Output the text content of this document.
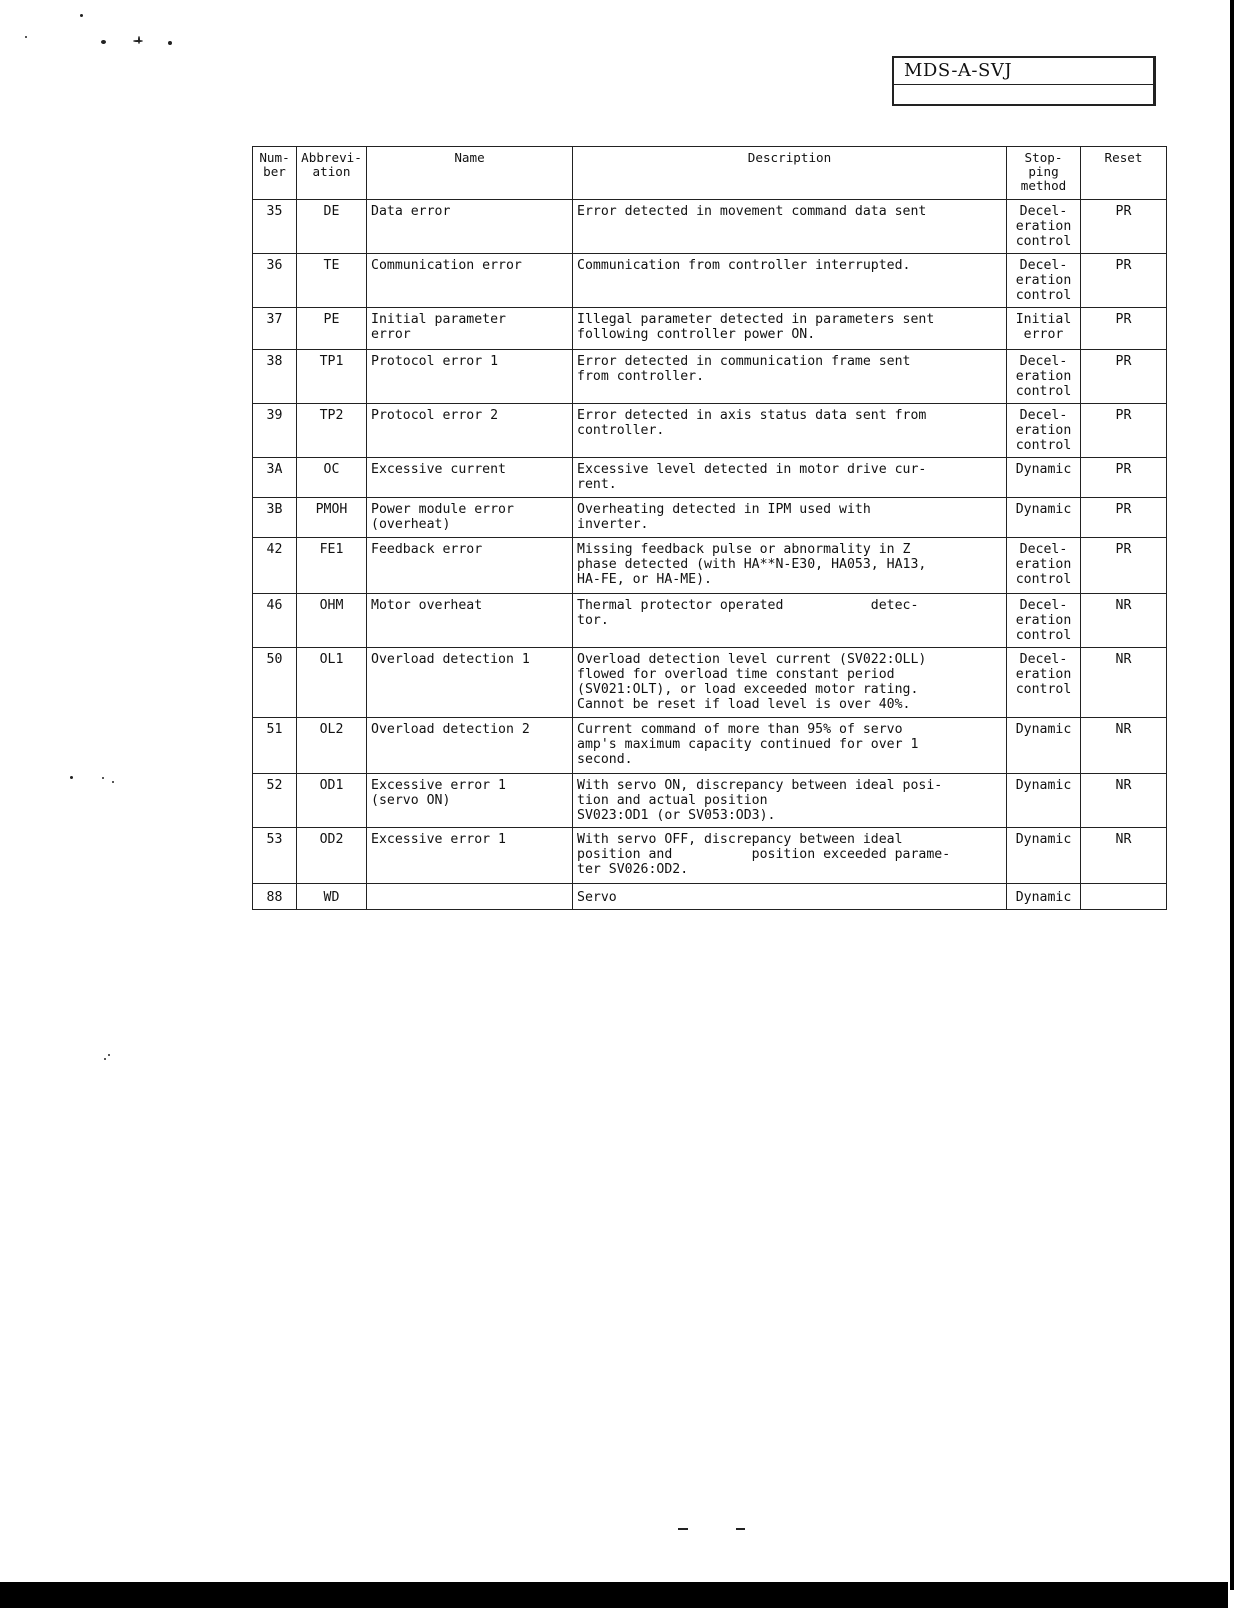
MDS-A-SVJ
Num-
ber	Abbrevi-
ation	Name	Description	Stop-
ping
method	Reset
35	DE	Data error	Error detected in movement command data sent	Decel-
eration
control	PR
36	TE	Communication error	Communication from controller interrupted.	Decel-
eration
control	PR
37	PE	Initial parameter
error	Illegal parameter detected in parameters sent
following controller power ON.	Initial
error	PR
38	TP1	Protocol error 1	Error detected in communication frame sent
from controller.	Decel-
eration
control	PR
39	TP2	Protocol error 2	Error detected in axis status data sent from
controller.	Decel-
eration
control	PR
3A	OC	Excessive current	Excessive level detected in motor drive cur-
rent.	Dynamic	PR
3B	PMOH	Power module error
(overheat)	Overheating detected in IPM used with
inverter.	Dynamic	PR
42	FE1	Feedback error	Missing feedback pulse or abnormality in Z
phase detected (with HA**N-E30, HA053, HA13,
HA-FE, or HA-ME).	Decel-
eration
control	PR
46	OHM	Motor overheat	Thermal protector operated           detec-
tor.	Decel-
eration
control	NR
50	OL1	Overload detection 1	Overload detection level current (SV022:OLL)
flowed for overload time constant period
(SV021:OLT), or load exceeded motor rating.
Cannot be reset if load level is over 40%.	Decel-
eration
control	NR
51	OL2	Overload detection 2	Current command of more than 95% of servo
amp's maximum capacity continued for over 1
second.	Dynamic	NR
52	OD1	Excessive error 1
(servo ON)	With servo ON, discrepancy between ideal posi-
tion and actual position
SV023:OD1 (or SV053:OD3).	Dynamic	NR
53	OD2	Excessive error 1	With servo OFF, discrepancy between ideal
position and          position exceeded parame-
ter SV026:OD2.	Dynamic	NR
88	WD		Servo	Dynamic	
